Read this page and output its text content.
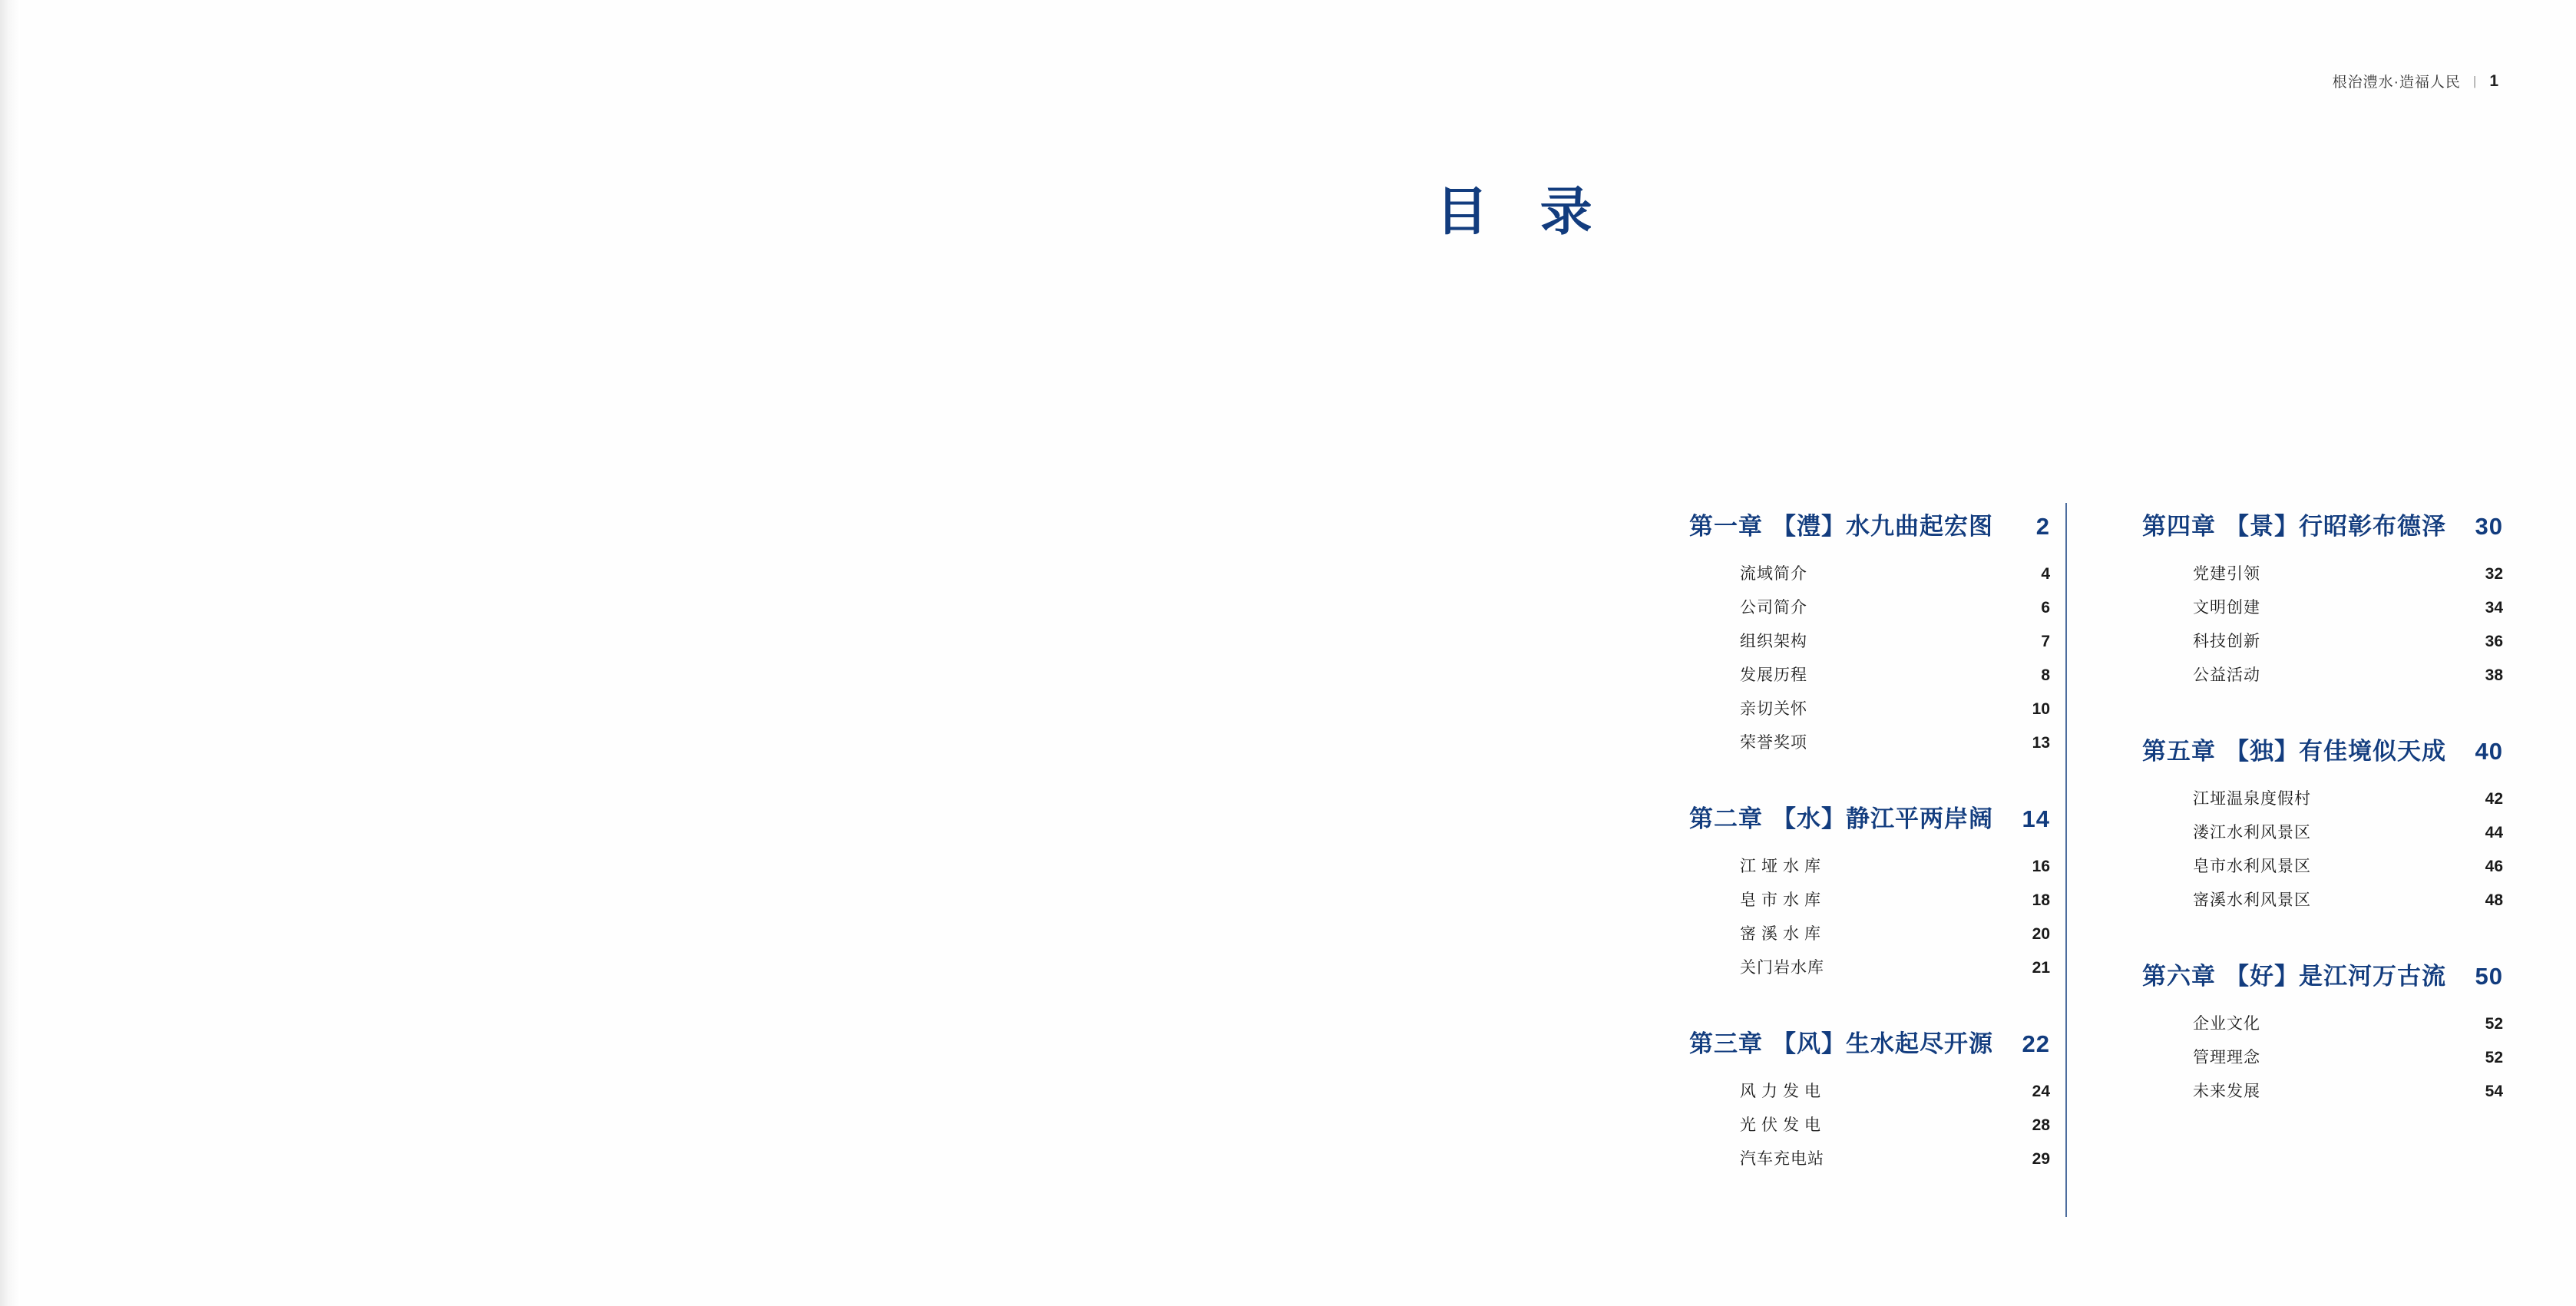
根治澧水·造福人民 | 1
目 录
第一章 【澧】水九曲起宏图	2
流域简介	4
公司简介	6
组织架构	7
发展历程	8
亲切关怀	10
荣誉奖项	13
第二章 【水】静江平两岸阔	14
江垭水库	16
皂市水库	18
宻溪水库	20
关门岩水库	21
第三章 【风】生水起尽开源	22
风力发电	24
光伏发电	28
汽车充电站	29
第四章 【景】行昭彰布德泽	30
党建引领	32
文明创建	34
科技创新	36
公益活动	38
第五章 【独】有佳境似天成	40
江垭温泉度假村	42
溇江水利风景区	44
皂市水利风景区	46
宻溪水利风景区	48
第六章 【好】是江河万古流	50
企业文化	52
管理理念	52
未来发展	54
